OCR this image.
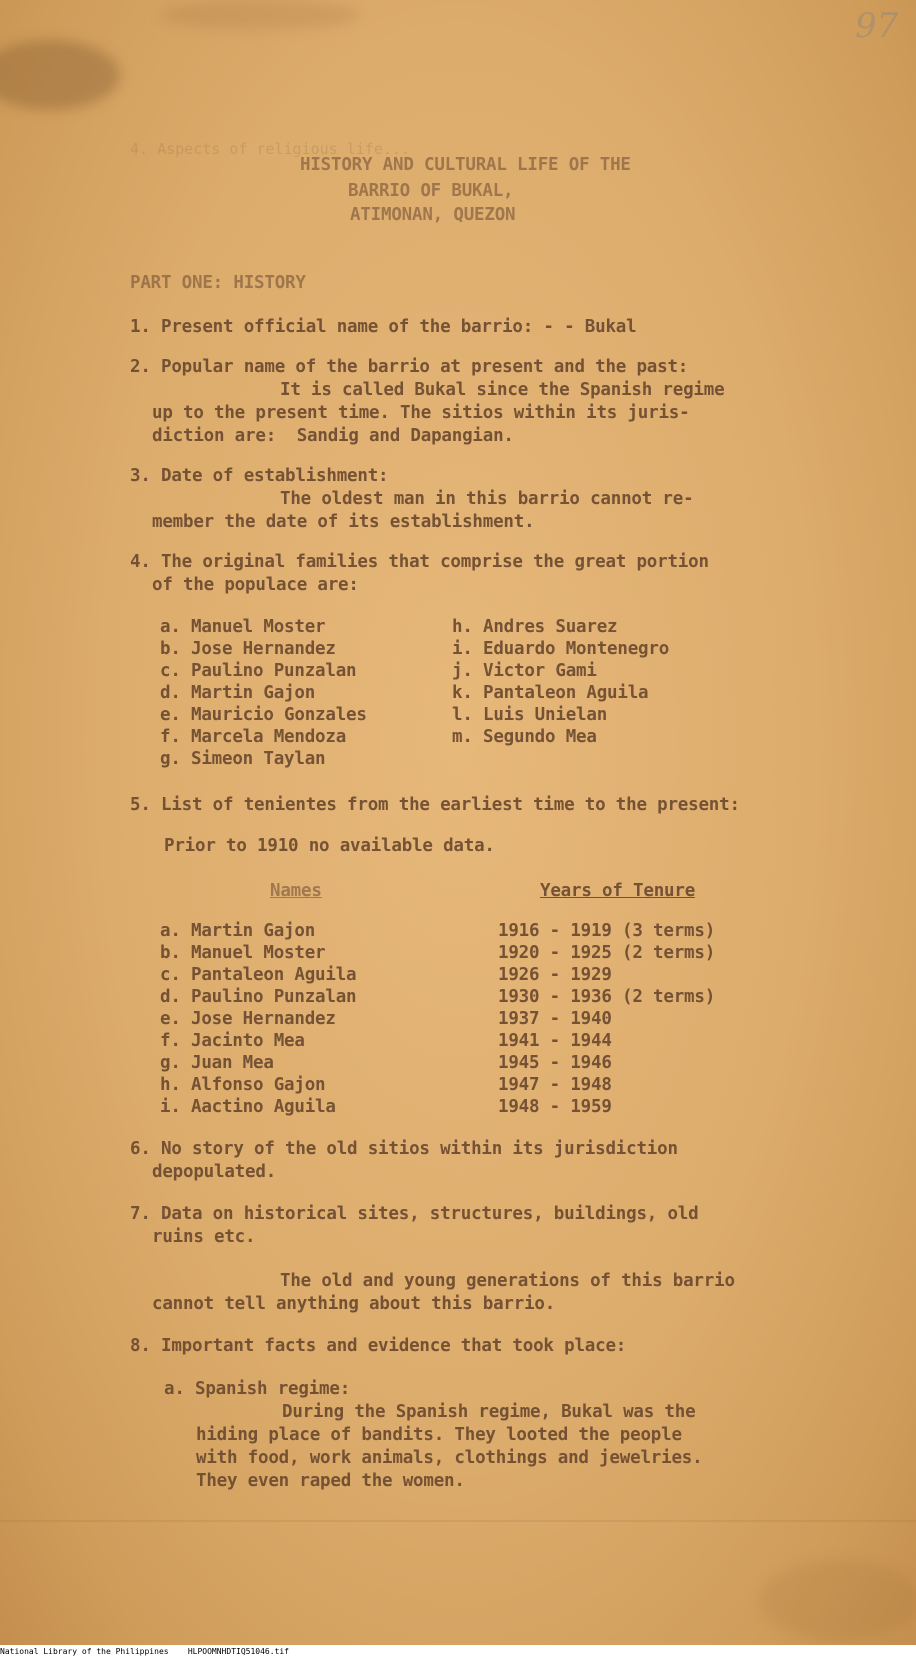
4. Aspects of religious life...
97
HISTORY AND CULTURAL LIFE OF THE
BARRIO OF BUKAL,
ATIMONAN, QUEZON
PART ONE: HISTORY
1. Present official name of the barrio: - - Bukal
2. Popular name of the barrio at present and the past:
It is called Bukal since the Spanish regime
up to the present time. The sitios within its juris-
diction are:  Sandig and Dapangian.
3. Date of establishment:
The oldest man in this barrio cannot re-
member the date of its establishment.
4. The original families that comprise the great portion
of the populace are:
a. Manuel Moster
b. Jose Hernandez
c. Paulino Punzalan
d. Martin Gajon
e. Mauricio Gonzales
f. Marcela Mendoza
g. Simeon Taylan
h. Andres Suarez
i. Eduardo Montenegro
j. Victor Gami
k. Pantaleon Aguila
l. Luis Unielan
m. Segundo Mea
5. List of tenientes from the earliest time to the present:
Prior to 1910 no available data.
Names	Years of Tenure
a. Martin Gajon
b. Manuel Moster
c. Pantaleon Aguila
d. Paulino Punzalan
e. Jose Hernandez
f. Jacinto Mea
g. Juan Mea
h. Alfonso Gajon
i. Aactino Aguila
1916 - 1919 (3 terms)
1920 - 1925 (2 terms)
1926 - 1929
1930 - 1936 (2 terms)
1937 - 1940
1941 - 1944
1945 - 1946
1947 - 1948
1948 - 1959
6. No story of the old sitios within its jurisdiction
depopulated.
7. Data on historical sites, structures, buildings, old
ruins etc.
The old and young generations of this barrio
cannot tell anything about this barrio.
8. Important facts and evidence that took place:
a. Spanish regime:
During the Spanish regime, Bukal was the
hiding place of bandits. They looted the people
with food, work animals, clothings and jewelries.
They even raped the women.
National Library of the Philippines    HLPOOMNHDTIQ51046.tif
